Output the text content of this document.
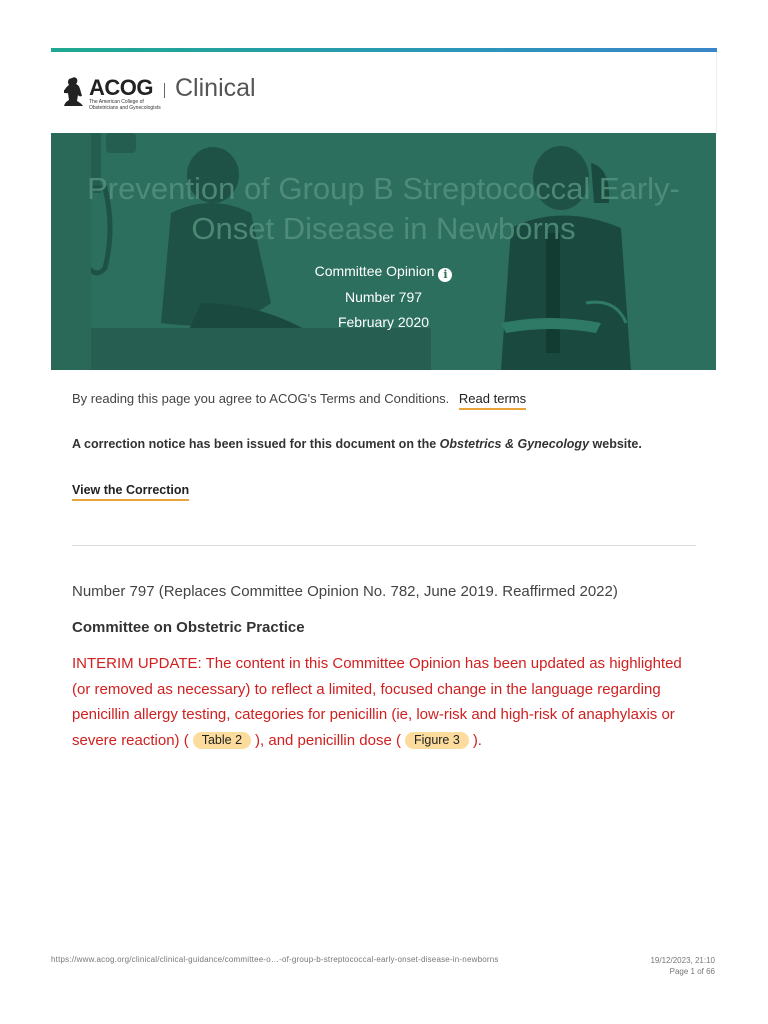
ACOG
The American College of Obstetricians and Gynecologists
Clinical
Prevention of Group B Streptococcal Early-
Onset Disease in Newborns
Committee Opinion i
Number 797
February 2020
By reading this page you agree to ACOG's Terms and Conditions. Read terms
A correction notice has been issued for this document on the Obstetrics & Gynecology website.
View the Correction
Number 797 (Replaces Committee Opinion No. 782, June 2019. Reaffirmed 2022)
Committee on Obstetric Practice
INTERIM UPDATE: The content in this Committee Opinion has been updated as highlighted (or removed as necessary) to reflect a limited, focused change in the language regarding penicillin allergy testing, categories for penicillin (ie, low-risk and high-risk of anaphylaxis or severe reaction) ( Table 2 ), and penicillin dose ( Figure 3 ).
https://www.acog.org/clinical/clinical-guidance/committee-o…-of-group-b-streptococcal-early-onset-disease-in-newborns	19/12/2023, 21:10
Page 1 of 66
